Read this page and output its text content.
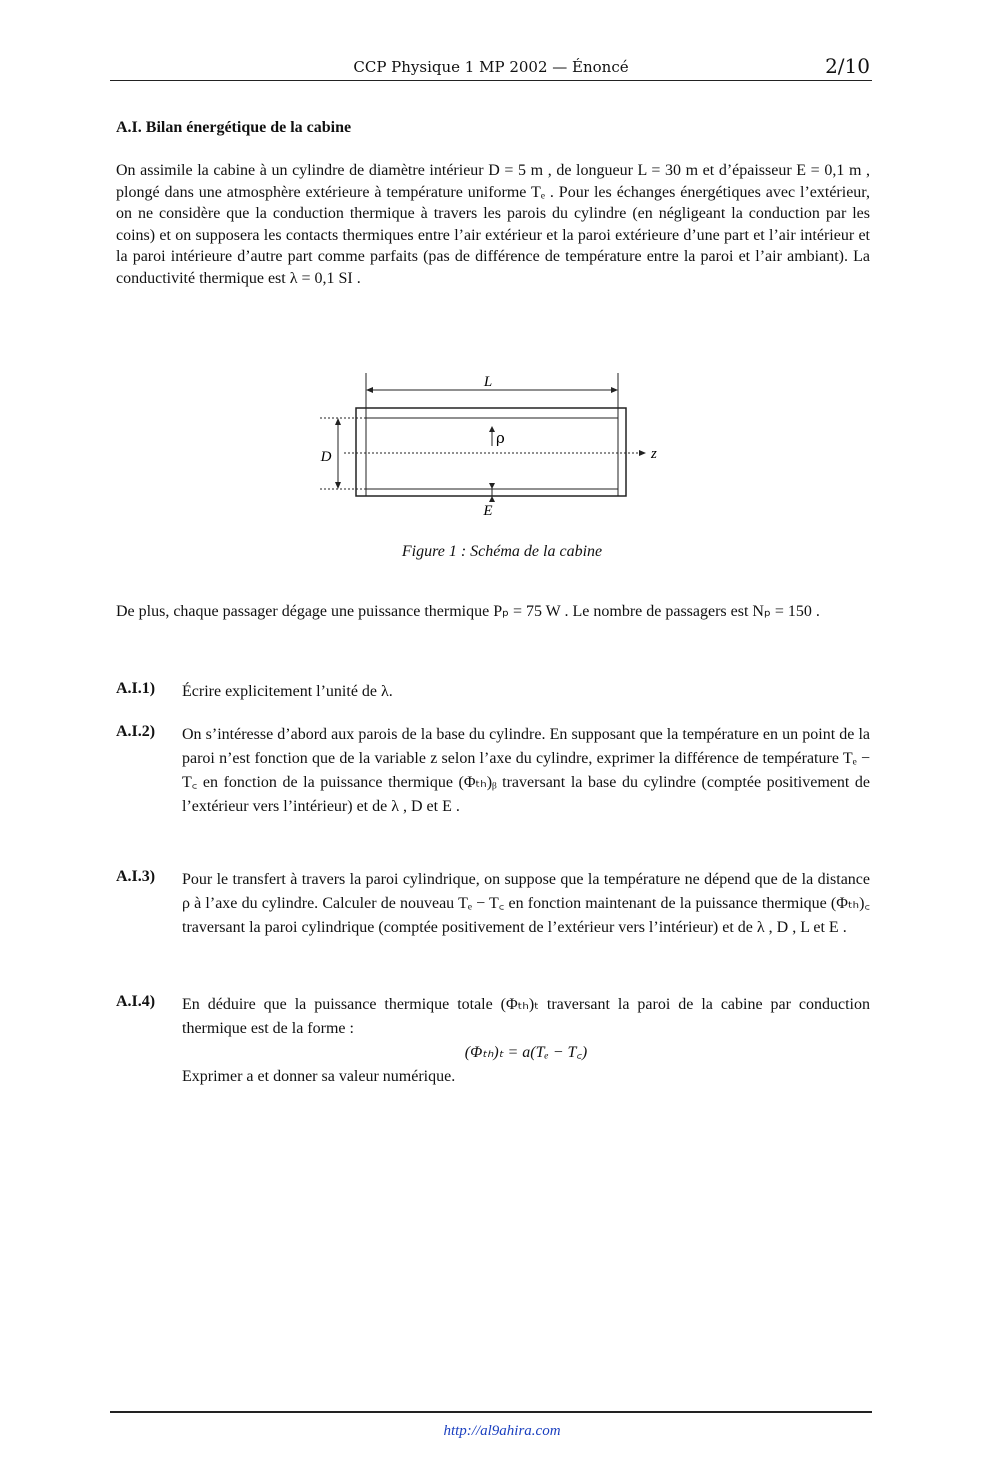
CCP Physique 1 MP 2002 — Énoncé	2/10
A.I. Bilan énergétique de la cabine
On assimile la cabine à un cylindre de diamètre intérieur D = 5 m , de longueur L = 30 m et d’épaisseur E = 0,1 m , plongé dans une atmosphère extérieure à température uniforme Tₑ . Pour les échanges énergétiques avec l’extérieur, on ne considère que la conduction thermique à travers les parois du cylindre (en négligeant la conduction par les coins) et on supposera les contacts thermiques entre l’air extérieur et la paroi extérieure d’une part et l’air intérieur et la paroi intérieure d’autre part comme parfaits (pas de différence de température entre la paroi et l’air ambiant). La conductivité thermique est λ = 0,1 SI .
L
D	z
ρ
E
Figure 1 : Schéma de la cabine
De plus, chaque passager dégage une puissance thermique Pₚ = 75 W . Le nombre de passagers est Nₚ = 150 .
A.I.1) Écrire explicitement l’unité de λ.
A.I.2) On s’intéresse d’abord aux parois de la base du cylindre. En supposant que la température en un point de la paroi n’est fonction que de la variable z selon l’axe du cylindre, exprimer la différence de température Tₑ − T꜀ en fonction de la puissance thermique (Φₜₕ)ᵦ traversant la base du cylindre (comptée positivement de l’extérieur vers l’intérieur) et de λ , D et E .
A.I.3) Pour le transfert à travers la paroi cylindrique, on suppose que la température ne dépend que de la distance ρ à l’axe du cylindre. Calculer de nouveau Tₑ − T꜀ en fonction maintenant de la puissance thermique (Φₜₕ)꜀ traversant la paroi cylindrique (comptée positivement de l’extérieur vers l’intérieur) et de λ , D , L et E .
A.I.4) En déduire que la puissance thermique totale (Φₜₕ)ₜ traversant la paroi de la cabine par conduction thermique est de la forme :
(Φₜₕ)ₜ = a(Tₑ − T꜀)
Exprimer a et donner sa valeur numérique.
http://al9ahira.com
